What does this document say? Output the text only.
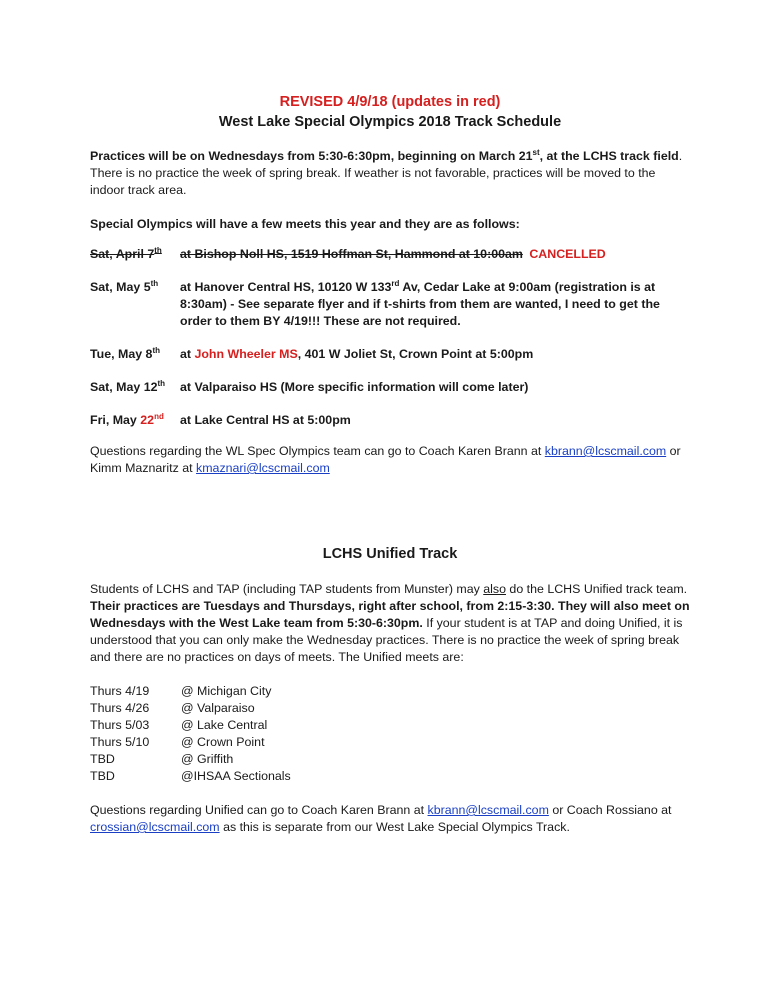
REVISED 4/9/18 (updates in red)
West Lake Special Olympics 2018 Track Schedule

Practices will be on Wednesdays from 5:30-6:30pm, beginning on March 21st, at the LCHS track field. There is no practice the week of spring break. If weather is not favorable, practices will be moved to the indoor track area.

Special Olympics will have a few meets this year and they are as follows:

Sat, April 7th	at Bishop Noll HS, 1519 Hoffman St, Hammond at 10:00am CANCELLED
Sat, May 5th	at Hanover Central HS, 10120 W 133rd Av, Cedar Lake at 9:00am (registration is at 8:30am) - See separate flyer and if t-shirts from them are wanted, I need to get the order to them BY 4/19!!! These are not required.
Tue, May 8th	at John Wheeler MS, 401 W Joliet St, Crown Point at 5:00pm
Sat, May 12th	at Valparaiso HS (More specific information will come later)
Fri, May 22nd	at Lake Central HS at 5:00pm

Questions regarding the WL Spec Olympics team can go to Coach Karen Brann at kbrann@lcscmail.com or Kimm Maznaritz at kmaznari@lcscmail.com

LCHS Unified Track

Students of LCHS and TAP (including TAP students from Munster) may also do the LCHS Unified track team. Their practices are Tuesdays and Thursdays, right after school, from 2:15-3:30. They will also meet on Wednesdays with the West Lake team from 5:30-6:30pm. If your student is at TAP and doing Unified, it is understood that you can only make the Wednesday practices. There is no practice the week of spring break and there are no practices on days of meets. The Unified meets are:

Thurs 4/19	@ Michigan City
Thurs 4/26	@ Valparaiso
Thurs 5/03	@ Lake Central
Thurs 5/10	@ Crown Point
TBD	@ Griffith
TBD	@IHSAA Sectionals

Questions regarding Unified can go to Coach Karen Brann at kbrann@lcscmail.com or Coach Rossiano at crossian@lcscmail.com as this is separate from our West Lake Special Olympics Track.
